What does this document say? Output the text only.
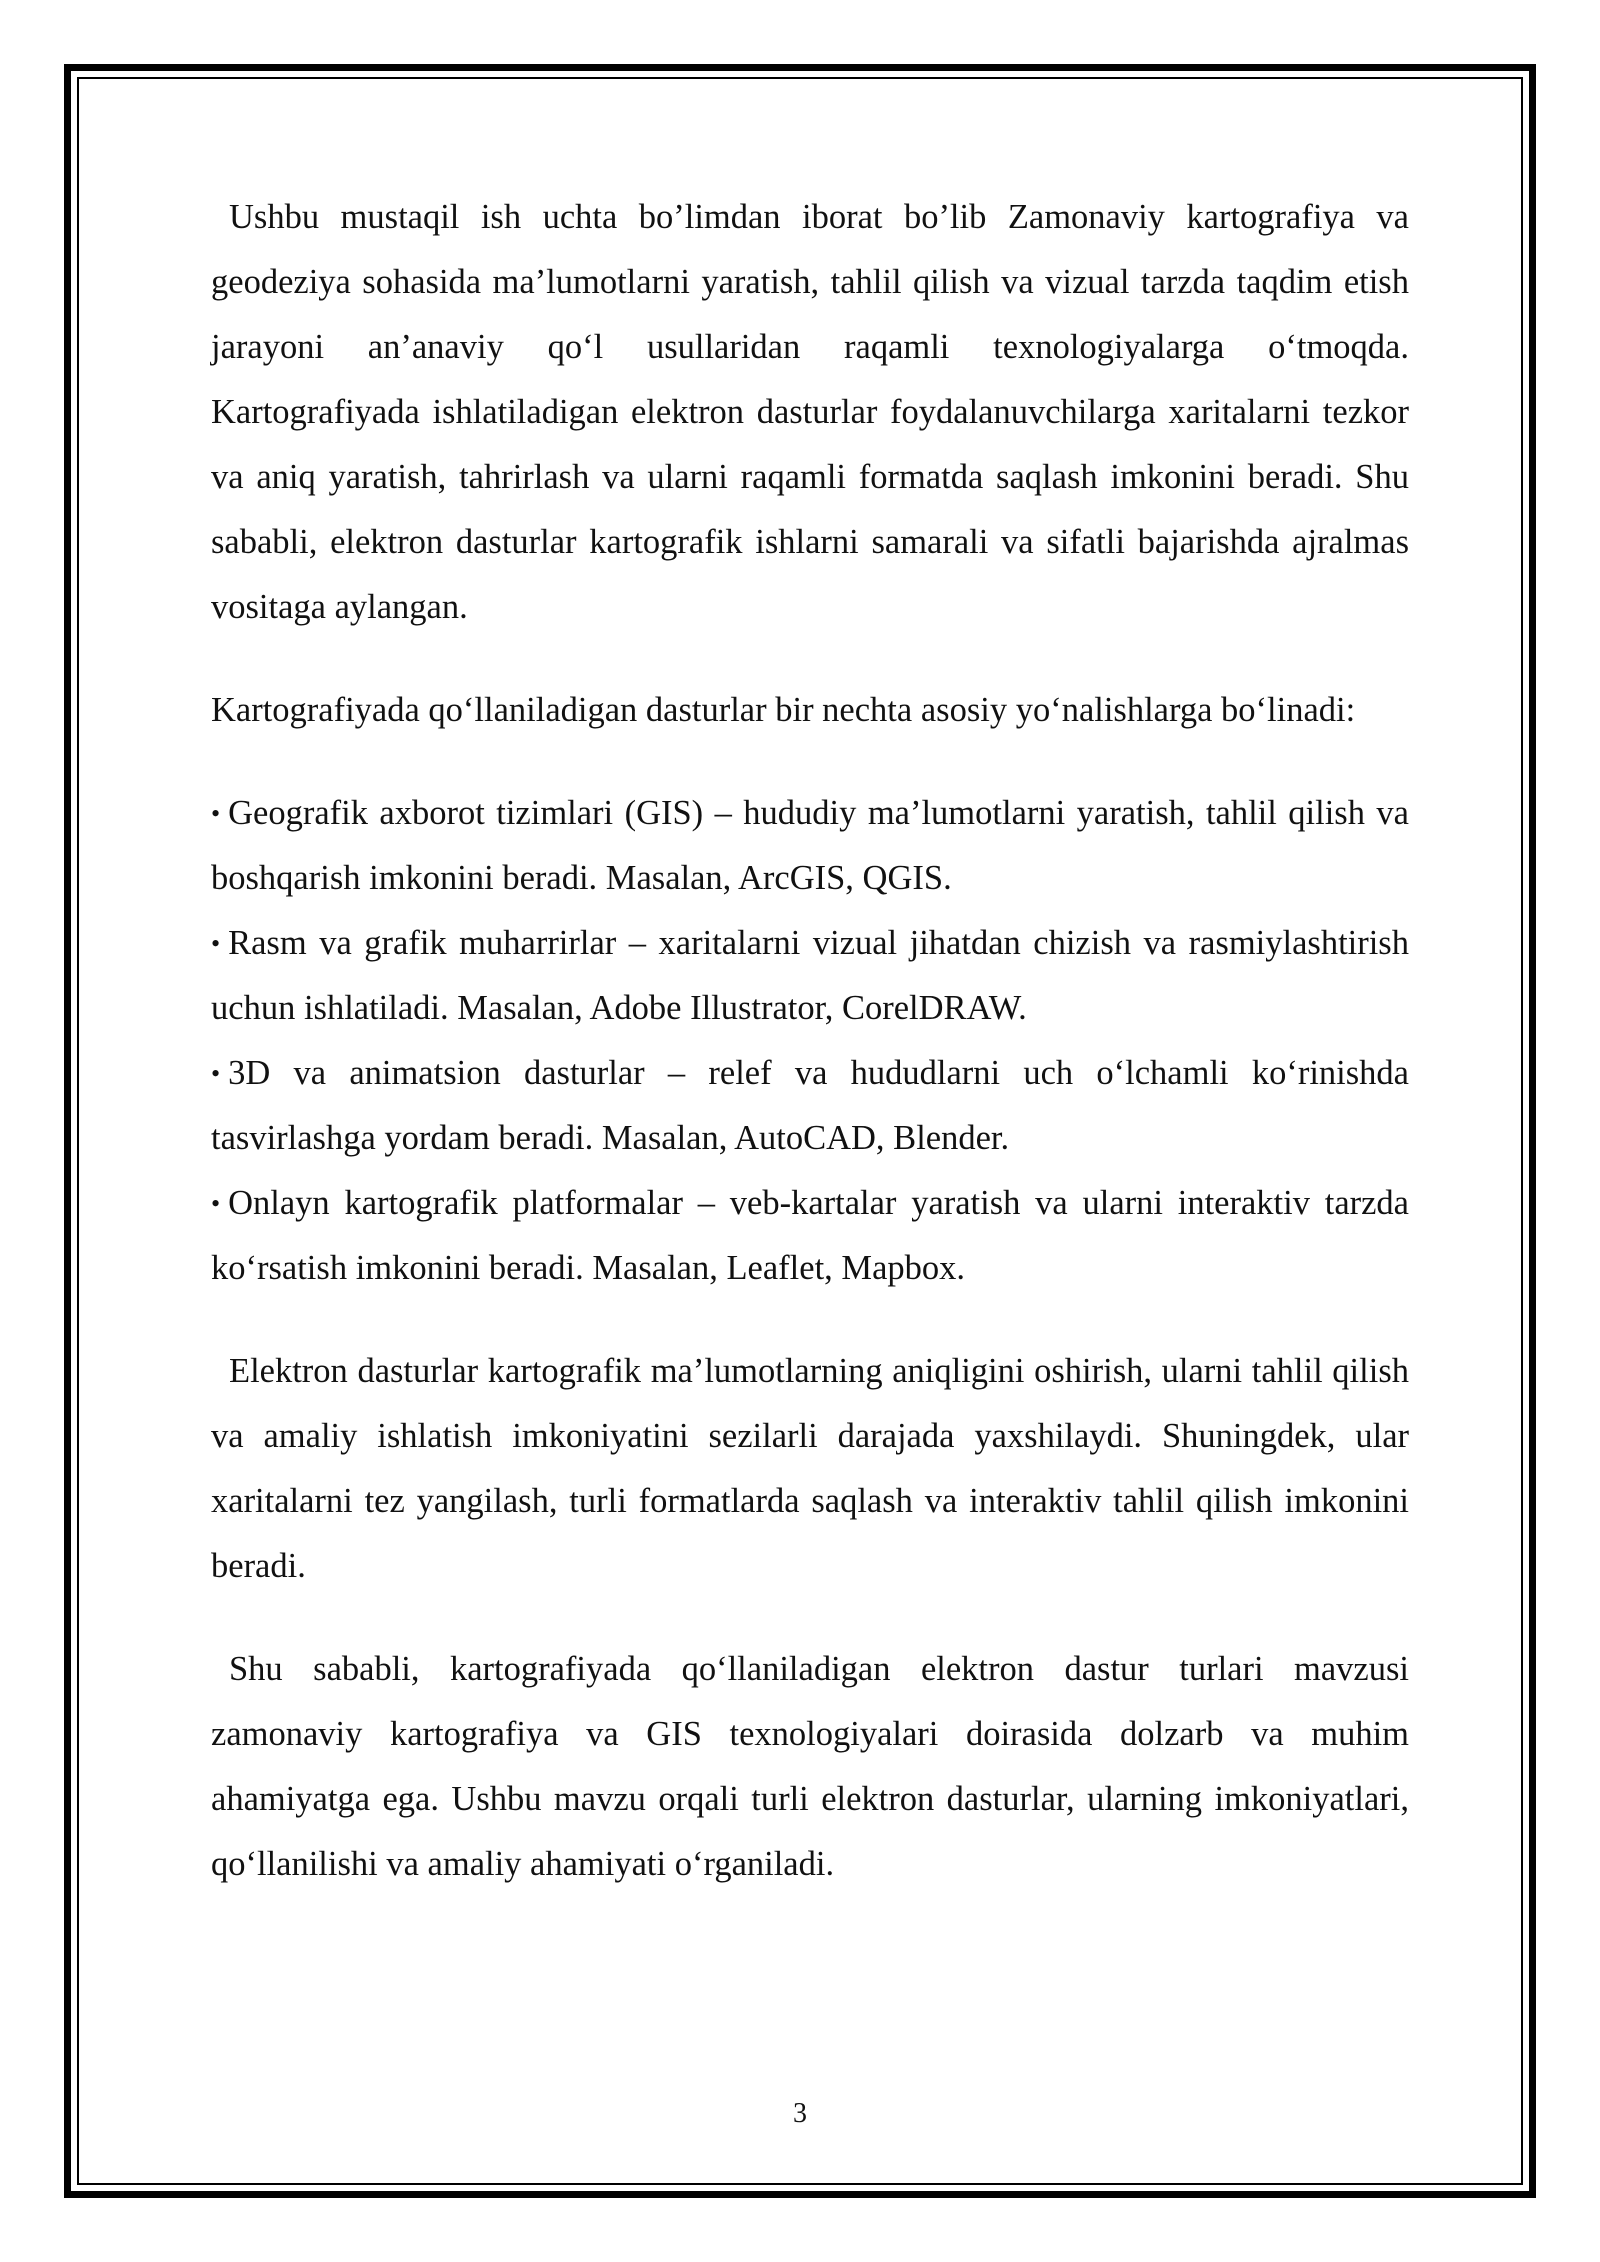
Ushbu mustaqil ish uchta bo’limdan iborat bo’lib Zamonaviy kartografiya va geodeziya sohasida ma’lumotlarni yaratish, tahlil qilish va vizual tarzda taqdim etish jarayoni an’anaviy qo‘l usullaridan raqamli texnologiyalarga o‘tmoqda. Kartografiyada ishlatiladigan elektron dasturlar foydalanuvchilarga xaritalarni tezkor va aniq yaratish, tahrirlash va ularni raqamli formatda saqlash imkonini beradi. Shu sababli, elektron dasturlar kartografik ishlarni samarali va sifatli bajarishda ajralmas vositaga aylangan.

Kartografiyada qo‘llaniladigan dasturlar bir nechta asosiy yo‘nalishlarga bo‘linadi:

• Geografik axborot tizimlari (GIS) – hududiy ma’lumotlarni yaratish, tahlil qilish va boshqarish imkonini beradi. Masalan, ArcGIS, QGIS.
• Rasm va grafik muharrirlar – xaritalarni vizual jihatdan chizish va rasmiylashtirish uchun ishlatiladi. Masalan, Adobe Illustrator, CorelDRAW.
• 3D va animatsion dasturlar – relef va hududlarni uch o‘lchamli ko‘rinishda tasvirlashga yordam beradi. Masalan, AutoCAD, Blender.
• Onlayn kartografik platformalar – veb-kartalar yaratish va ularni interaktiv tarzda ko‘rsatish imkonini beradi. Masalan, Leaflet, Mapbox.

Elektron dasturlar kartografik ma’lumotlarning aniqligini oshirish, ularni tahlil qilish va amaliy ishlatish imkoniyatini sezilarli darajada yaxshilaydi. Shuningdek, ular xaritalarni tez yangilash, turli formatlarda saqlash va interaktiv tahlil qilish imkonini beradi.

Shu sababli, kartografiyada qo‘llaniladigan elektron dastur turlari mavzusi zamonaviy kartografiya va GIS texnologiyalari doirasida dolzarb va muhim ahamiyatga ega. Ushbu mavzu orqali turli elektron dasturlar, ularning imkoniyatlari, qo‘llanilishi va amaliy ahamiyati o‘rganiladi.

3
